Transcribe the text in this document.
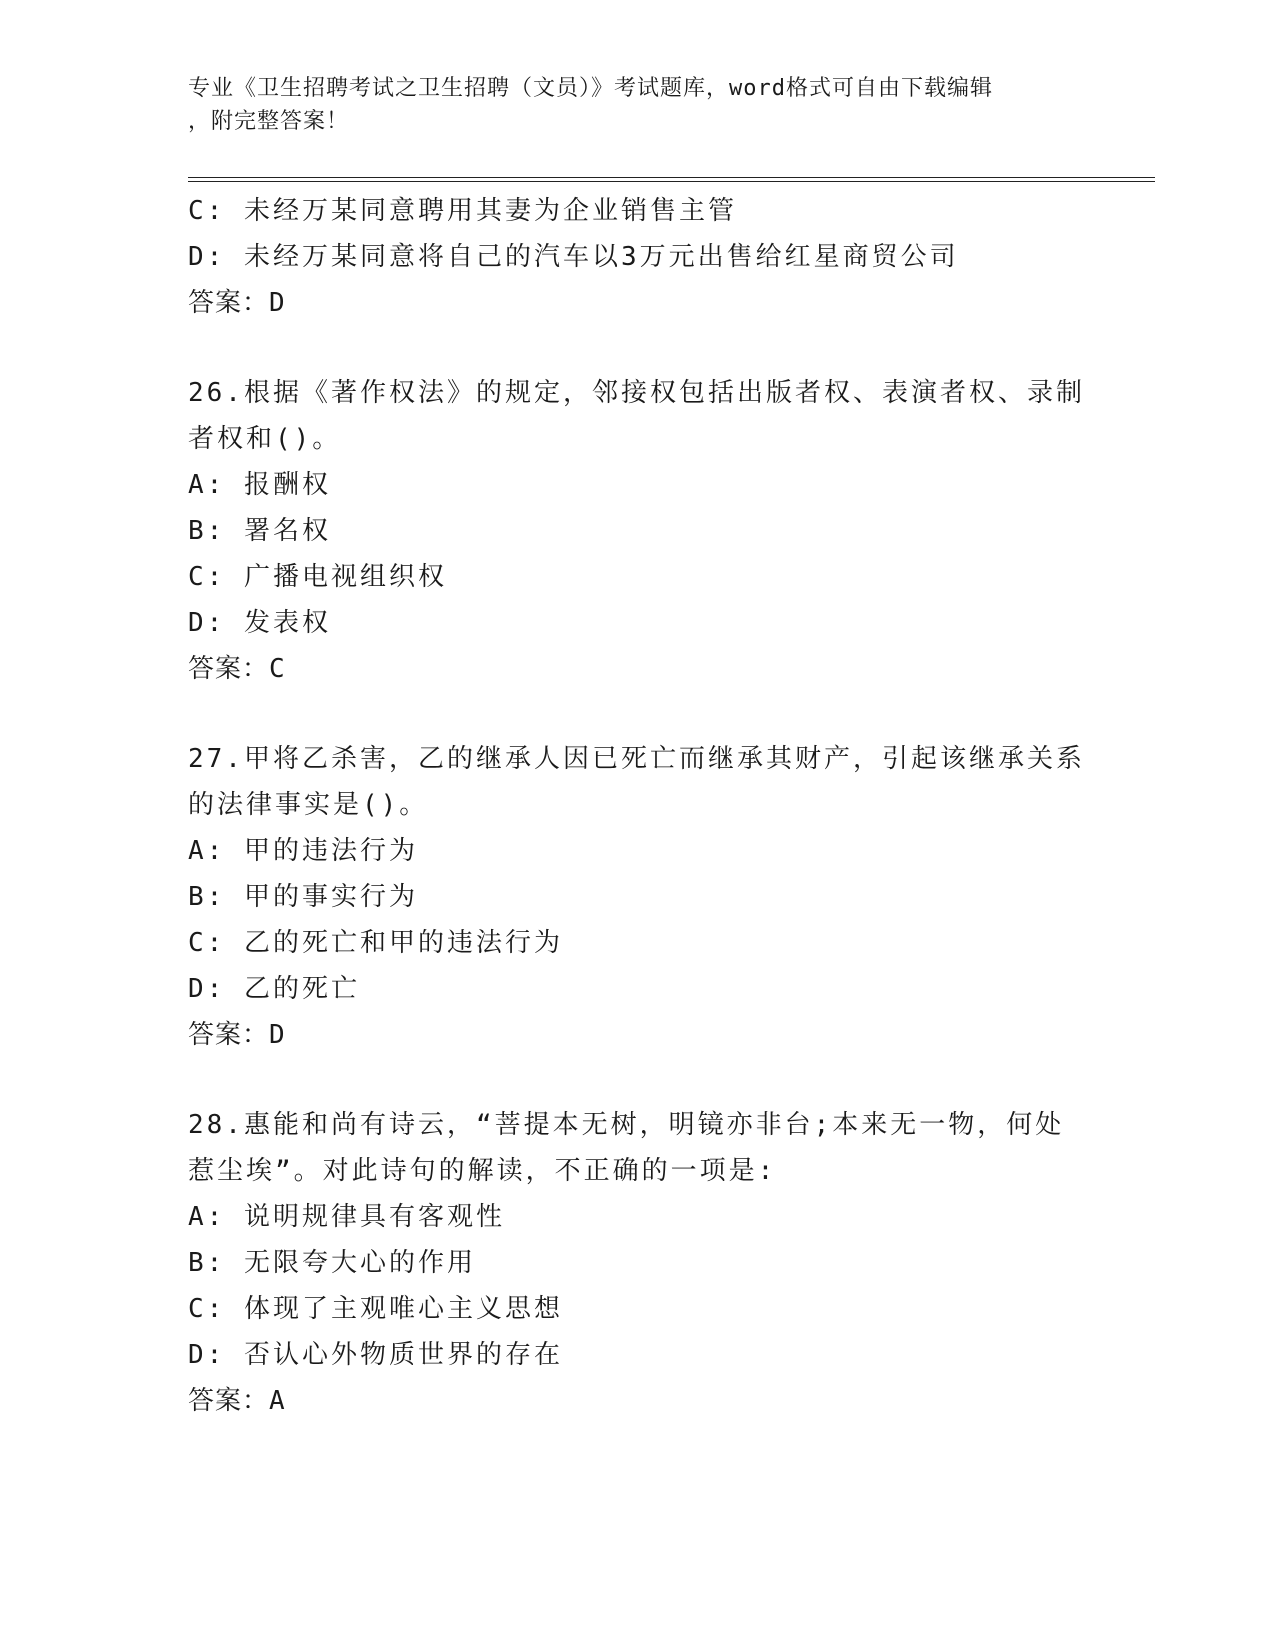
专业《卫生招聘考试之卫生招聘（文员）》考试题库，word格式可自由下载编辑
，附完整答案！
C: 未经万某同意聘用其妻为企业销售主管
D: 未经万某同意将自己的汽车以3万元出售给红星商贸公司
答案：D
26.根据《著作权法》的规定，邻接权包括出版者权、表演者权、录制
者权和()。
A: 报酬权
B: 署名权
C: 广播电视组织权
D: 发表权
答案：C
27.甲将乙杀害，乙的继承人因已死亡而继承其财产，引起该继承关系
的法律事实是()。
A: 甲的违法行为
B: 甲的事实行为
C: 乙的死亡和甲的违法行为
D: 乙的死亡
答案：D
28.惠能和尚有诗云，“菩提本无树，明镜亦非台;本来无一物，何处
惹尘埃”。对此诗句的解读，不正确的一项是:
A: 说明规律具有客观性
B: 无限夸大心的作用
C: 体现了主观唯心主义思想
D: 否认心外物质世界的存在
答案：A
